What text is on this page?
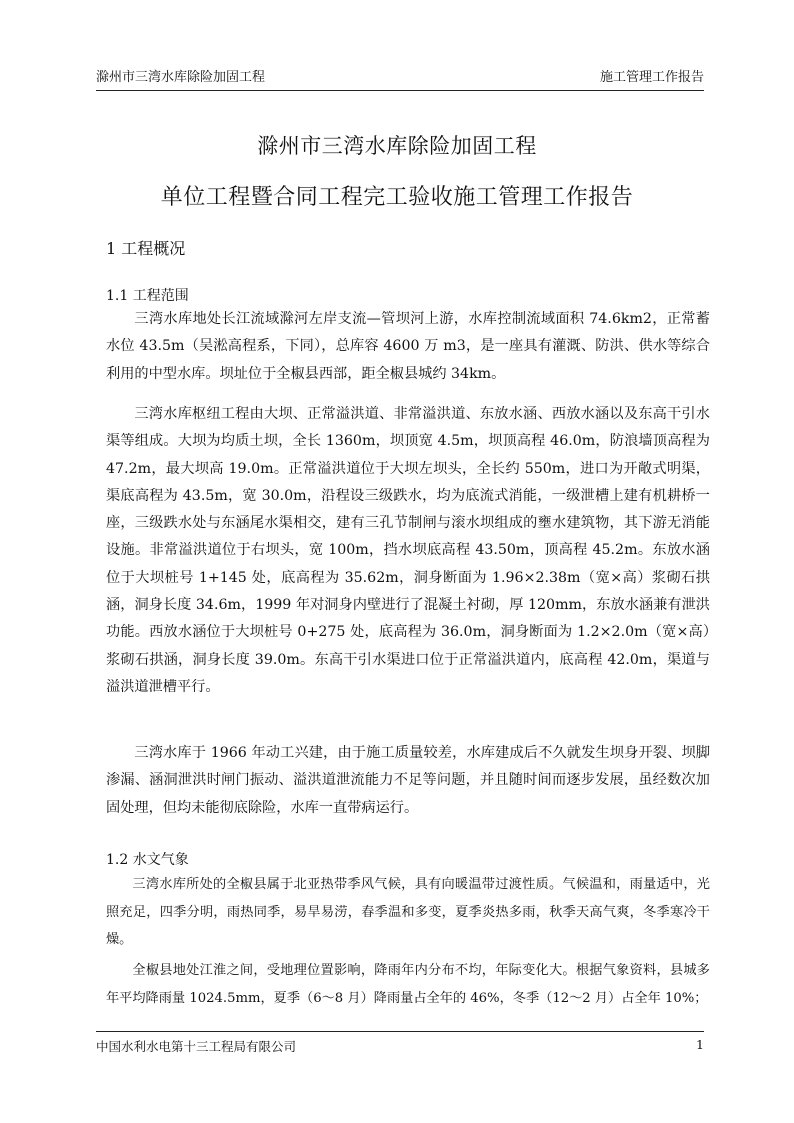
滁州市三湾水库除险加固工程	施工管理工作报告
滁州市三湾水库除险加固工程
单位工程暨合同工程完工验收施工管理工作报告
1 工程概况
1.1 工程范围

三湾水库地处长江流域滁河左岸支流—管坝河上游，水库控制流域面积 74.6km2，正常蓄水位 43.5m（吴淞高程系，下同），总库容 4600 万 m3，是一座具有灌溉、防洪、供水等综合利用的中型水库。坝址位于全椒县西部，距全椒县城约 34km。

三湾水库枢纽工程由大坝、正常溢洪道、非常溢洪道、东放水涵、西放水涵以及东高干引水渠等组成。大坝为均质土坝，全长 1360m，坝顶宽 4.5m，坝顶高程 46.0m，防浪墙顶高程为 47.2m，最大坝高 19.0m。正常溢洪道位于大坝左坝头，全长约 550m，进口为开敞式明渠，渠底高程为 43.5m，宽 30.0m，沿程设三级跌水，均为底流式消能，一级泄槽上建有机耕桥一座，三级跌水处与东涵尾水渠相交，建有三孔节制闸与滚水坝组成的壅水建筑物，其下游无消能设施。非常溢洪道位于右坝头，宽 100m，挡水坝底高程 43.50m，顶高程 45.2m。东放水涵位于大坝桩号 1+145 处，底高程为 35.62m，洞身断面为 1.96×2.38m（宽×高）浆砌石拱涵，洞身长度 34.6m，1999 年对洞身内壁进行了混凝土衬砌，厚 120mm，东放水涵兼有泄洪功能。西放水涵位于大坝桩号 0+275 处，底高程为 36.0m，洞身断面为 1.2×2.0m（宽×高）浆砌石拱涵，洞身长度 39.0m。东高干引水渠进口位于正常溢洪道内，底高程 42.0m，渠道与溢洪道泄槽平行。

三湾水库于 1966 年动工兴建，由于施工质量较差，水库建成后不久就发生坝身开裂、坝脚渗漏、涵洞泄洪时闸门振动、溢洪道泄流能力不足等问题，并且随时间而逐步发展，虽经数次加固处理，但均未能彻底除险，水库一直带病运行。

1.2 水文气象

三湾水库所处的全椒县属于北亚热带季风气候，具有向暖温带过渡性质。气候温和，雨量适中，光照充足，四季分明，雨热同季，易旱易涝，春季温和多变，夏季炎热多雨，秋季天高气爽，冬季寒冷干燥。

全椒县地处江淮之间，受地理位置影响，降雨年内分布不均，年际变化大。根据气象资料，县城多年平均降雨量 1024.5mm，夏季（6～8 月）降雨量占全年的 46%，冬季（12～2 月）占全年 10%；

中国水利水电第十三工程局有限公司	1
